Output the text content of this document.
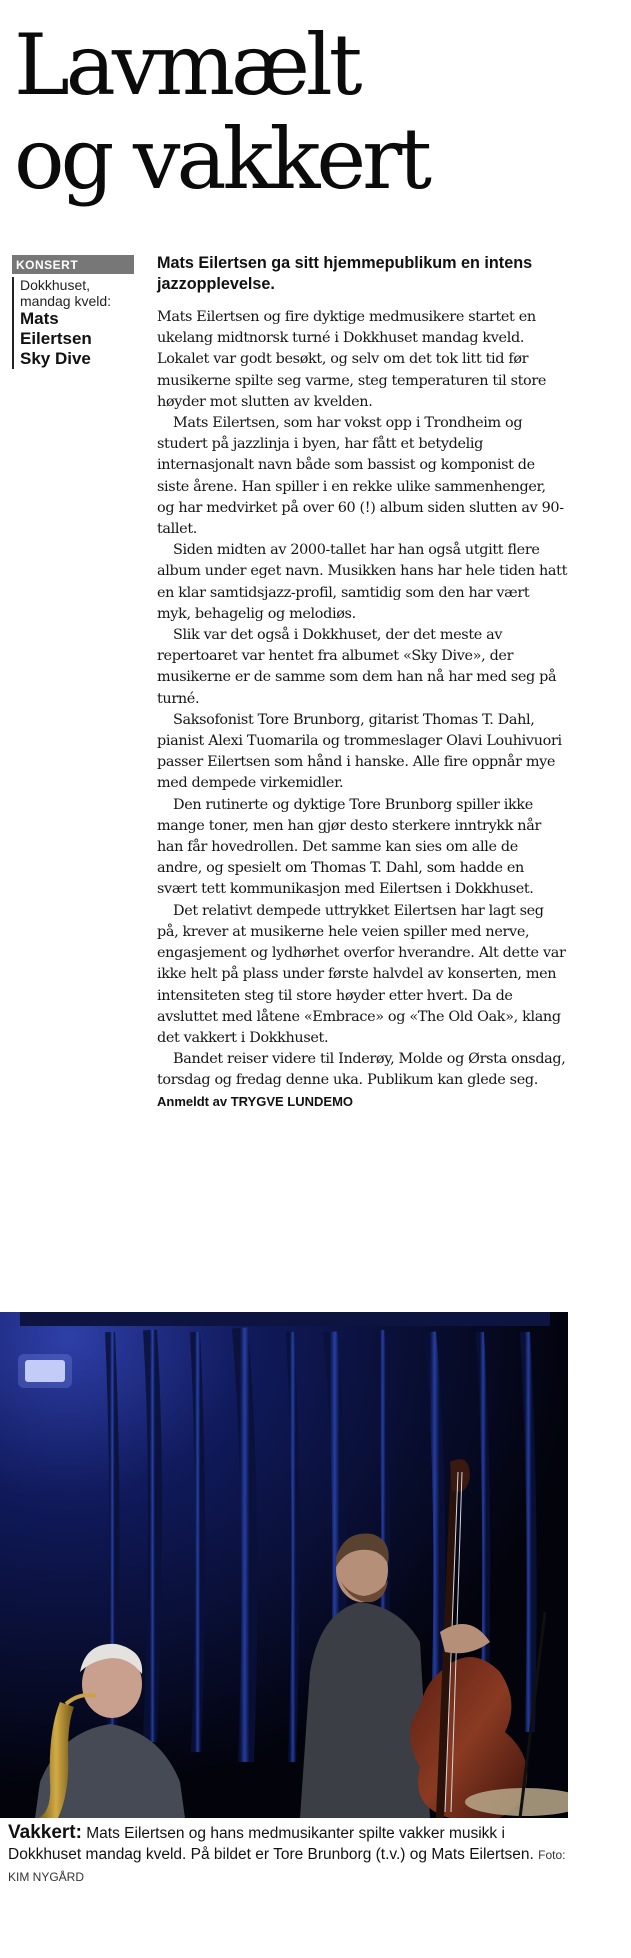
Lavmælt
og vakkert
KONSERT
Dokkhuset,
mandag kveld:
Mats
Eilertsen
Sky Dive

Mats Eilertsen ga sitt hjemmepublikum en intens jazzopplevelse.

Mats Eilertsen og fire dyktige medmusikere startet en ukelang midtnorsk turné i Dokkhuset mandag kveld. Lokalet var godt besøkt, og selv om det tok litt tid før musikerne spilte seg varme, steg temperaturen til store høyder mot slutten av kvelden.

Mats Eilertsen, som har vokst opp i Trondheim og studert på jazzlinja i byen, har fått et betydelig internasjonalt navn både som bassist og komponist de siste årene. Han spiller i en rekke ulike sammenhenger, og har medvirket på over 60 (!) album siden slutten av 90-tallet.

Siden midten av 2000-tallet har han også utgitt flere album under eget navn. Musikken hans har hele tiden hatt en klar samtidsjazz-profil, samtidig som den har vært myk, behagelig og melodiøs.

Slik var det også i Dokkhuset, der det meste av repertoaret var hentet fra albumet «Sky Dive», der musikerne er de samme som dem han nå har med seg på turné.

Saksofonist Tore Brunborg, gitarist Thomas T. Dahl, pianist Alexi Tuomarila og trommeslager Olavi Louhivuori passer Eilertsen som hånd i hanske. Alle fire oppnår mye med dempede virkemidler.

Den rutinerte og dyktige Tore Brunborg spiller ikke mange toner, men han gjør desto sterkere inntrykk når han får hovedrollen. Det samme kan sies om alle de andre, og spesielt om Thomas T. Dahl, som hadde en svært tett kommunikasjon med Eilertsen i Dokkhuset.

Det relativt dempede uttrykket Eilertsen har lagt seg på, krever at musikerne hele veien spiller med nerve, engasjement og lydhørhet overfor hverandre. Alt dette var ikke helt på plass under første halvdel av konserten, men intensiteten steg til store høyder etter hvert. Da de avsluttet med låtene «Embrace» og «The Old Oak», klang det vakkert i Dokkhuset.

Bandet reiser videre til Inderøy, Molde og Ørsta onsdag, torsdag og fredag denne uka. Publikum kan glede seg.

Anmeldt av TRYGVE LUNDEMO

Vakkert: Mats Eilertsen og hans medmusikanter spilte vakker musikk i Dokkhuset mandag kveld. På bildet er Tore Brunborg (t.v.) og Mats Eilertsen. Foto: KIM NYGÅRD
